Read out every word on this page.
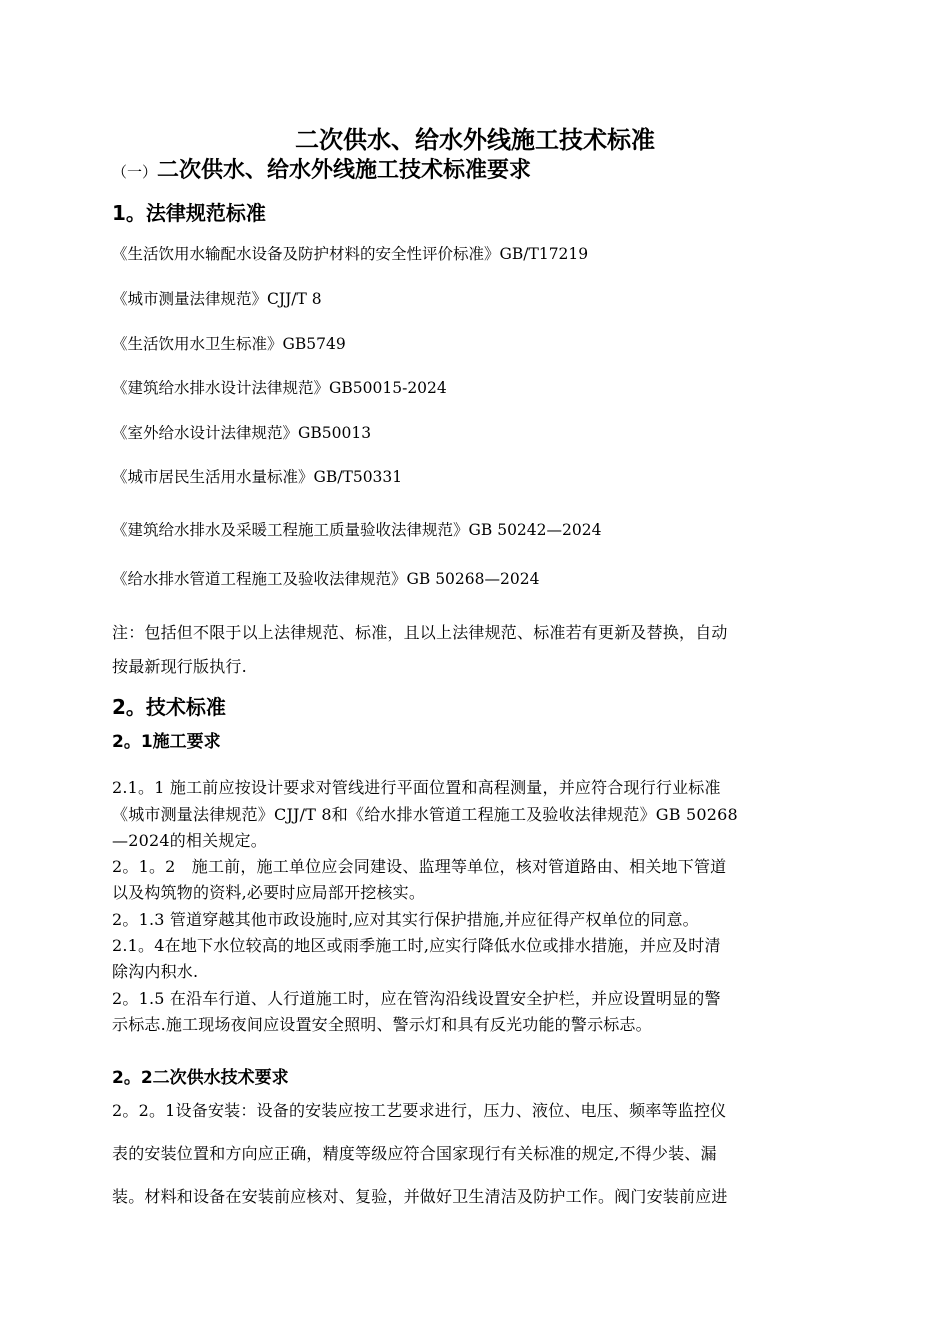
二次供水、给水外线施工技术标准
（一）二次供水、给水外线施工技术标准要求
1。法律规范标准
《生活饮用水输配水设备及防护材料的安全性评价标准》GB/T17219
《城市测量法律规范》CJJ/T 8
《生活饮用水卫生标准》GB5749
《建筑给水排水设计法律规范》GB50015-2024
《室外给水设计法律规范》GB50013
《城市居民生活用水量标准》GB/T50331
《建筑给水排水及采暖工程施工质量验收法律规范》GB 50242—2024
《给水排水管道工程施工及验收法律规范》GB 50268—2024
注：包括但不限于以上法律规范、标准，且以上法律规范、标准若有更新及替换，自动
按最新现行版执行.
2。技术标准
2。1施工要求
2.1。1 施工前应按设计要求对管线进行平面位置和高程测量，并应符合现行行业标准
《城市测量法律规范》CJJ/T 8和《给水排水管道工程施工及验收法律规范》GB 50268
—2024的相关规定。
2。1。2　施工前，施工单位应会同建设、监理等单位，核对管道路由、相关地下管道
以及构筑物的资料,必要时应局部开挖核实。
2。1.3 管道穿越其他市政设施时,应对其实行保护措施,并应征得产权单位的同意。
2.1。4在地下水位较高的地区或雨季施工时,应实行降低水位或排水措施，并应及时清
除沟内积水.
2。1.5 在沿车行道、人行道施工时，应在管沟沿线设置安全护栏，并应设置明显的警
示标志.施工现场夜间应设置安全照明、警示灯和具有反光功能的警示标志。
2。2二次供水技术要求
2。2。1设备安装：设备的安装应按工艺要求进行，压力、液位、电压、频率等监控仪
表的安装位置和方向应正确，精度等级应符合国家现行有关标准的规定,不得少装、漏
装。材料和设备在安装前应核对、复验，并做好卫生清洁及防护工作。阀门安装前应进
